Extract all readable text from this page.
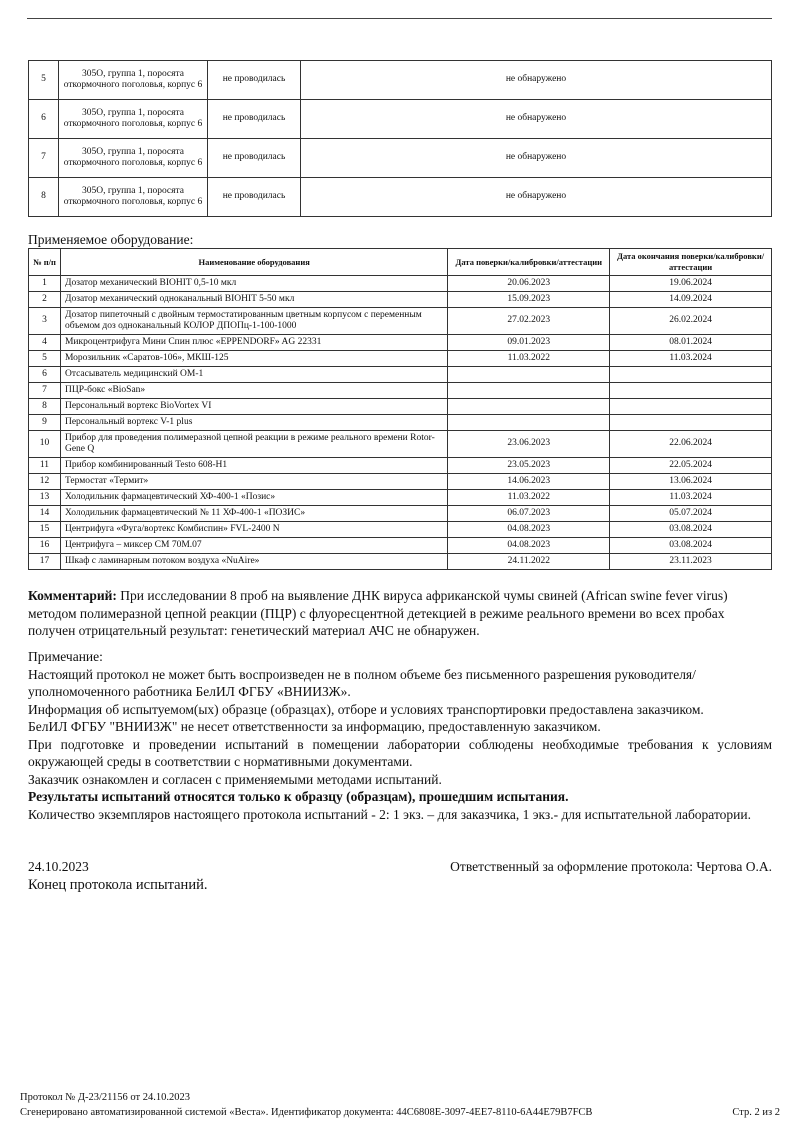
5	305О, группа 1, поросята откормочного поголовья, корпус 6	не проводилась	не обнаружено
6	305О, группа 1, поросята откормочного поголовья, корпус 6	не проводилась	не обнаружено
7	305О, группа 1, поросята откормочного поголовья, корпус 6	не проводилась	не обнаружено
8	305О, группа 1, поросята откормочного поголовья, корпус 6	не проводилась	не обнаружено
Применяемое оборудование:
№ п/п	Наименование оборудования	Дата поверки/калибровки/аттестации	Дата окончания поверки/калибровки/аттестации
1	Дозатор механический BIOHIT 0,5-10 мкл	20.06.2023	19.06.2024
2	Дозатор механический одноканальный BIOHIT 5-50 мкл	15.09.2023	14.09.2024
3	Дозатор пипеточный с двойным термостатированным цветным корпусом с переменным объемом доз одноканальный КОЛОР ДПОПц-1-100-1000	27.02.2023	26.02.2024
4	Микроцентрифуга Мини Спин плюс «EPPENDORF» AG 22331	09.01.2023	08.01.2024
5	Морозильник «Саратов-106», МКШ-125	11.03.2022	11.03.2024
6	Отсасыватель медицинский ОМ-1		
7	ПЦР-бокс «BioSan»		
8	Персональный вортекс BioVortex VI		
9	Персональный вортекс V-1 plus		
10	Прибор для проведения полимеразной цепной реакции в режиме реального времени Rotor-Gene Q	23.06.2023	22.06.2024
11	Прибор комбинированный Testo 608-H1	23.05.2023	22.05.2024
12	Термостат «Термит»	14.06.2023	13.06.2024
13	Холодильник фармацевтический ХФ-400-1 «Позис»	11.03.2022	11.03.2024
14	Холодильник фармацевтический № 11 ХФ-400-1 «ПОЗИС»	06.07.2023	05.07.2024
15	Центрифуга «Фуга/вортекс Комбиспин» FVL-2400 N	04.08.2023	03.08.2024
16	Центрифуга – миксер CM 70M.07	04.08.2023	03.08.2024
17	Шкаф с ламинарным потоком воздуха «NuAire»	24.11.2022	23.11.2023
Комментарий: При исследовании 8 проб на выявление ДНК вируса африканской чумы свиней (African swine fever virus) методом полимеразной цепной реакции (ПЦР) с флуоресцентной детекцией в режиме реального времени во всех пробах получен отрицательный результат: генетический материал АЧС не обнаружен.
Примечание:
Настоящий протокол не может быть воспроизведен не в полном объеме без письменного разрешения руководителя/уполномоченного работника БелИЛ ФГБУ «ВНИИЗЖ».
Информация об испытуемом(ых) образце (образцах), отборе и условиях транспортировки предоставлена заказчиком.
БелИЛ ФГБУ "ВНИИЗЖ" не несет ответственности за информацию, предоставленную заказчиком.
При подготовке и проведении испытаний в помещении лаборатории соблюдены необходимые требования к условиям окружающей среды в соответствии с нормативными документами.
Заказчик ознакомлен и согласен с применяемыми методами испытаний.
Результаты испытаний относятся только к образцу (образцам), прошедшим испытания.
Количество экземпляров настоящего протокола испытаний - 2: 1 экз. – для заказчика, 1 экз.- для испытательной лаборатории.
24.10.2023	Ответственный за оформление протокола: Чертова О.А.
Конец протокола испытаний.
Протокол № Д-23/21156 от 24.10.2023
Сгенерировано автоматизированной системой «Веста». Идентификатор документа: 44C6808E-3097-4EE7-8110-6A44E79B7FCB	Стр. 2 из 2
